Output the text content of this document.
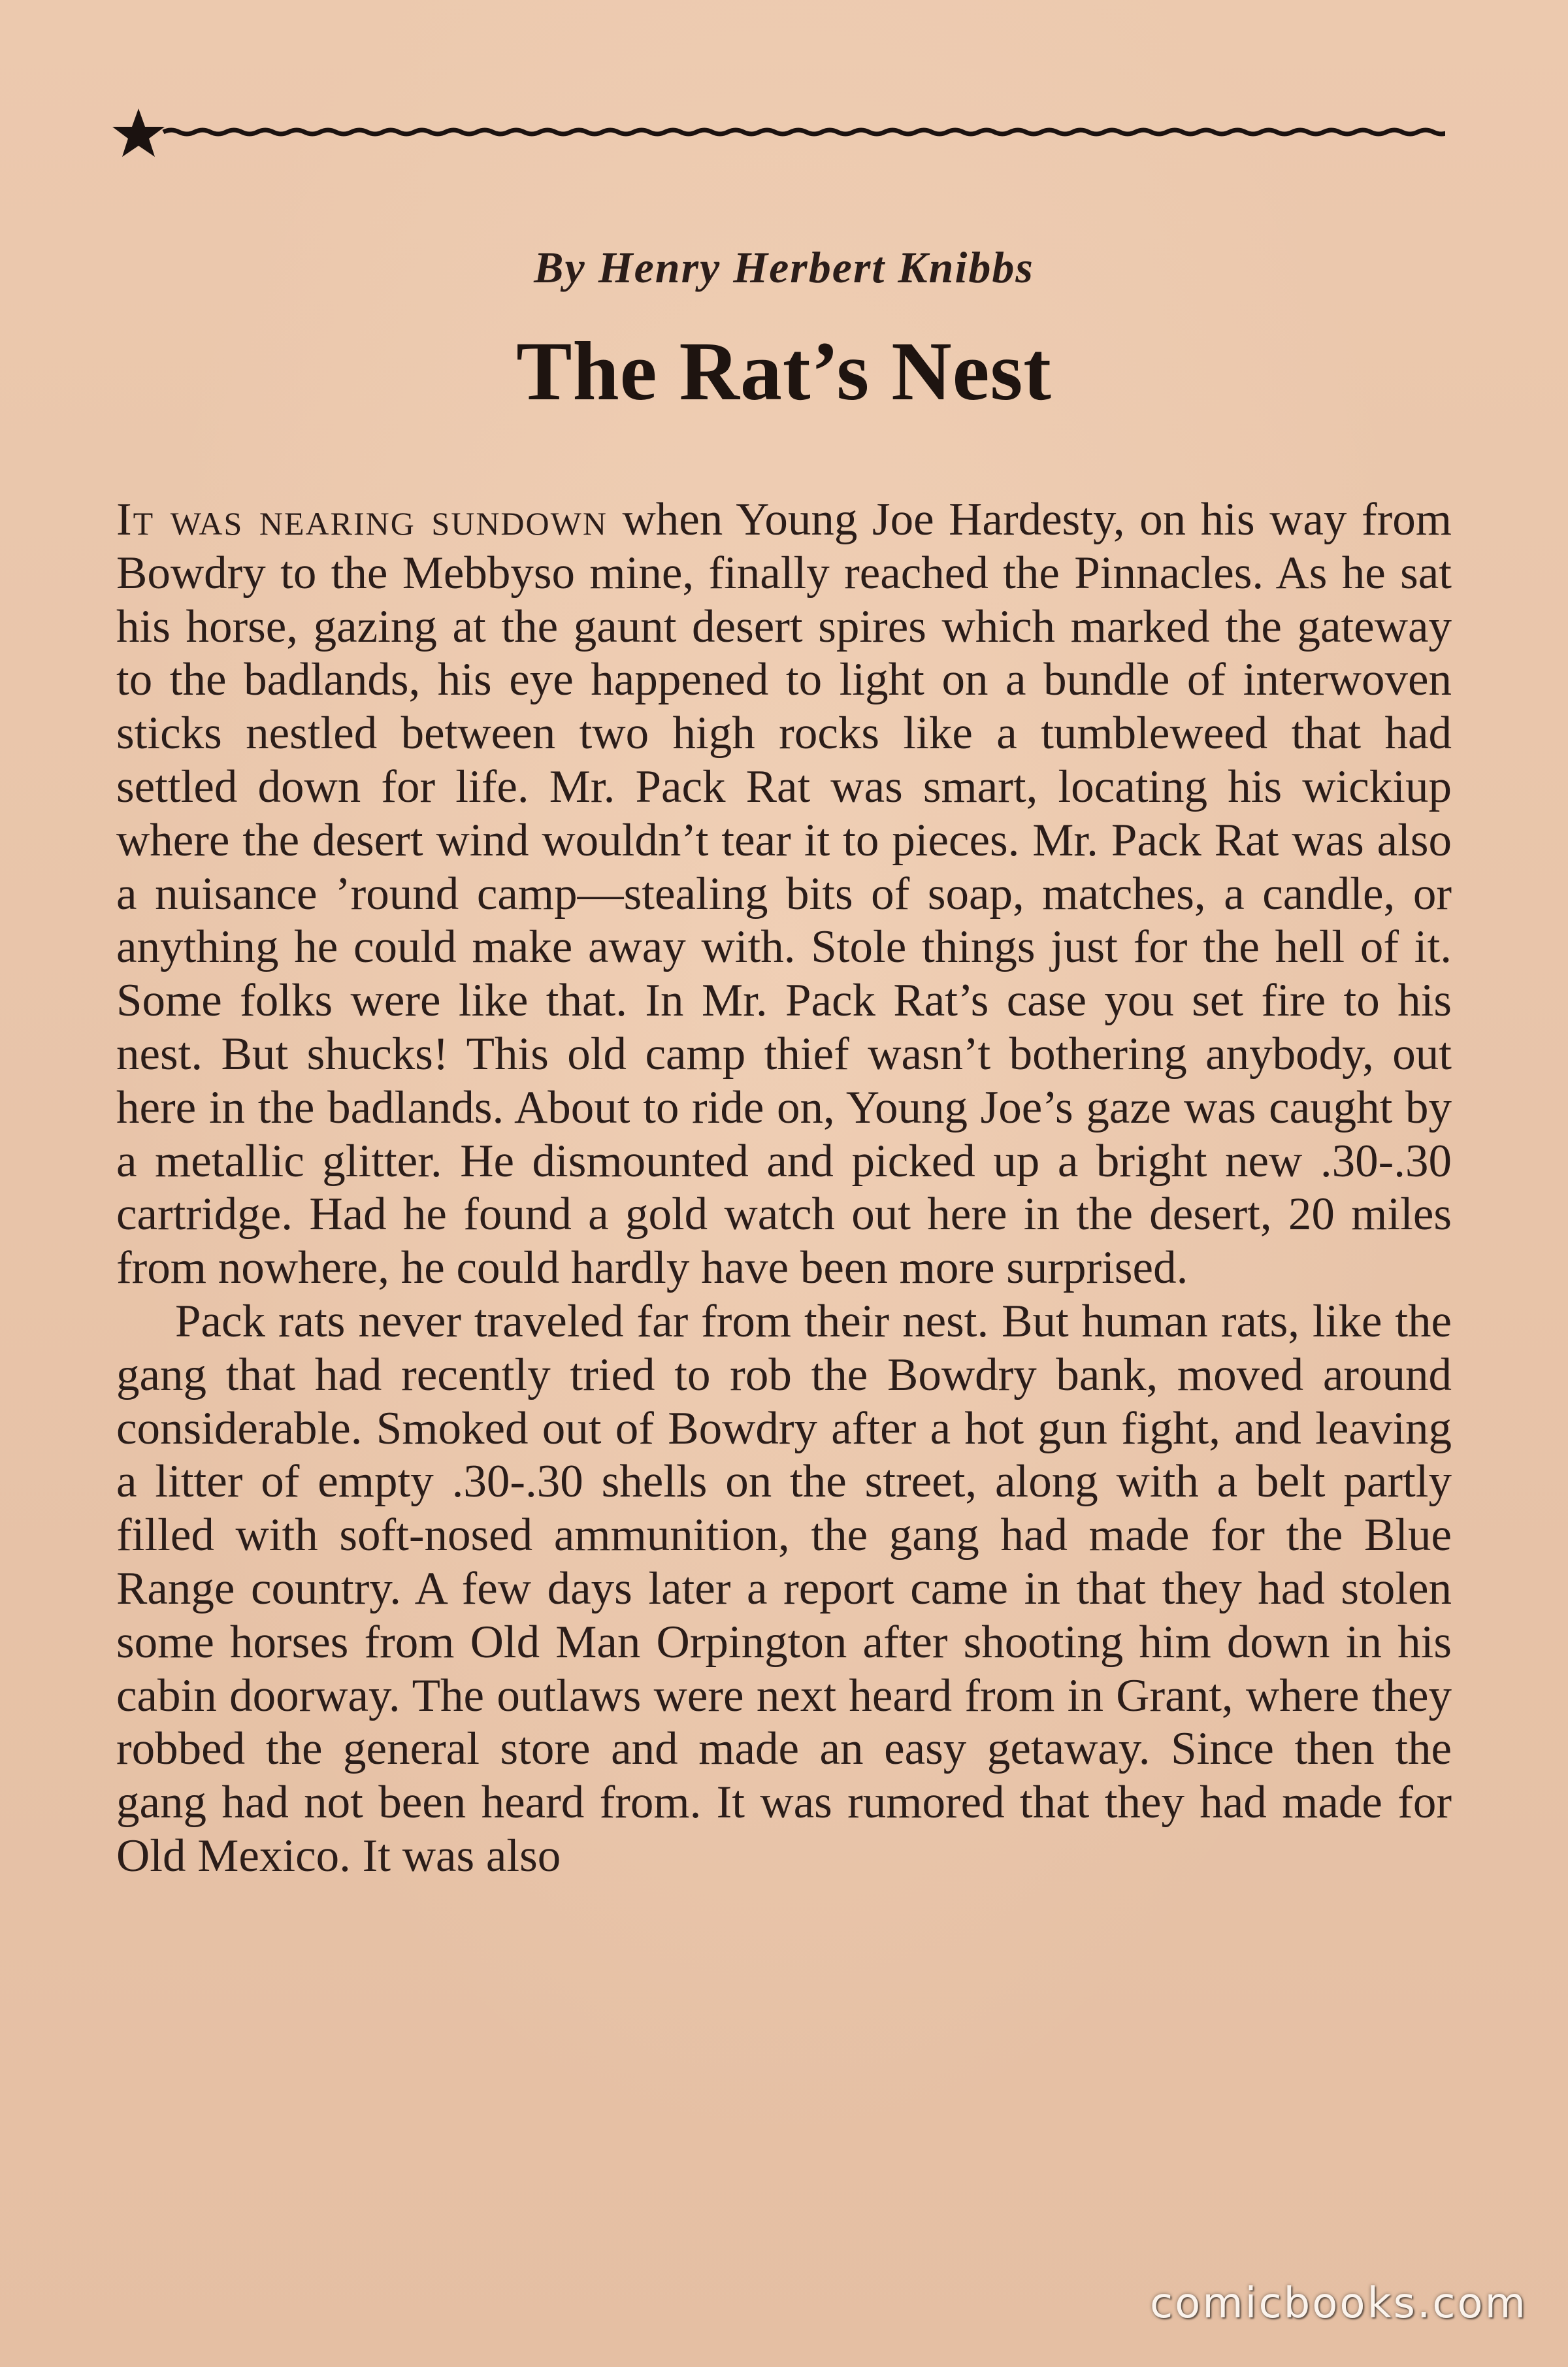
By Henry Herbert Knibbs
The Rat’s Nest

It was nearing sundown when Young Joe Hardesty, on his way from Bowdry to the Mebbyso mine, finally reached the Pinnacles. As he sat his horse, gazing at the gaunt desert spires which marked the gateway to the badlands, his eye happened to light on a bundle of interwoven sticks nestled between two high rocks like a tumbleweed that had settled down for life. Mr. Pack Rat was smart, locating his wickiup where the desert wind wouldn’t tear it to pieces. Mr. Pack Rat was also a nuisance ’round camp—stealing bits of soap, matches, a candle, or anything he could make away with. Stole things just for the hell of it. Some folks were like that. In Mr. Pack Rat’s case you set fire to his nest. But shucks! This old camp thief wasn’t bothering anybody, out here in the badlands. About to ride on, Young Joe’s gaze was caught by a metallic glitter. He dismounted and picked up a bright new .30-.30 cartridge. Had he found a gold watch out here in the desert, 20 miles from nowhere, he could hardly have been more surprised.

Pack rats never traveled far from their nest. But human rats, like the gang that had recently tried to rob the Bowdry bank, moved around considerable. Smoked out of Bowdry after a hot gun fight, and leaving a litter of empty .30-.30 shells on the street, along with a belt partly filled with soft-nosed ammunition, the gang had made for the Blue Range country. A few days later a report came in that they had stolen some horses from Old Man Orpington after shooting him down in his cabin doorway. The outlaws were next heard from in Grant, where they robbed the general store and made an easy getaway. Since then the gang had not been heard from. It was rumored that they had made for Old Mexico. It was also

comicbooks.com
